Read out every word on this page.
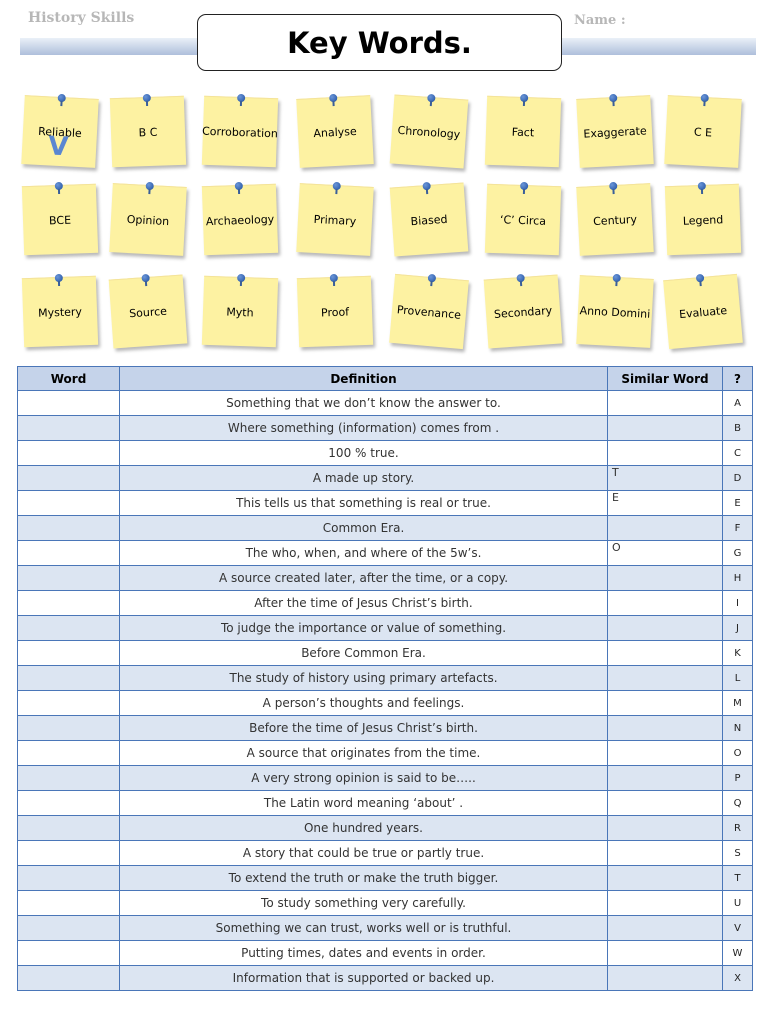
History Skills	Name :
Key Words.
Reliable
V	B C	Corroboration	Analyse	Chronology	Fact	Exaggerate	C E
BCE	Opinion	Archaeology	Primary	Biased	‘C’ Circa	Century	Legend
Mystery	Source	Myth	Proof	Provenance	Secondary Anno Domini	Evaluate
Word	Definition	Similar Word	?
	Something that we don’t know the answer to.		A
	Where something (information) comes from .		B
	100 % true.		C
	A made up story.	T	D
	This tells us that something is real or true.	E	E
	Common Era.		F
	The who, when, and where of the 5w’s.	O	G
	A source created later, after the time, or a copy.		H
	After the time of Jesus Christ’s birth.		I
	To judge the importance or value of something.		J
	Before Common Era.		K
	The study of history using primary artefacts.		L
	A person’s thoughts and feelings.		M
	Before the time of Jesus Christ’s birth.		N
	A source that originates from the time.		O
	A very strong opinion is said to be…..		P
	The Latin word meaning ‘about’ .		Q
	One hundred years.		R
	A story that could be true or partly true.		S
	To extend the truth or make the truth bigger.		T
	To study something very carefully.		U
	Something we can trust, works well or is truthful.		V
	Putting times, dates and events in order.		W
	Information that is supported or backed up.		X
